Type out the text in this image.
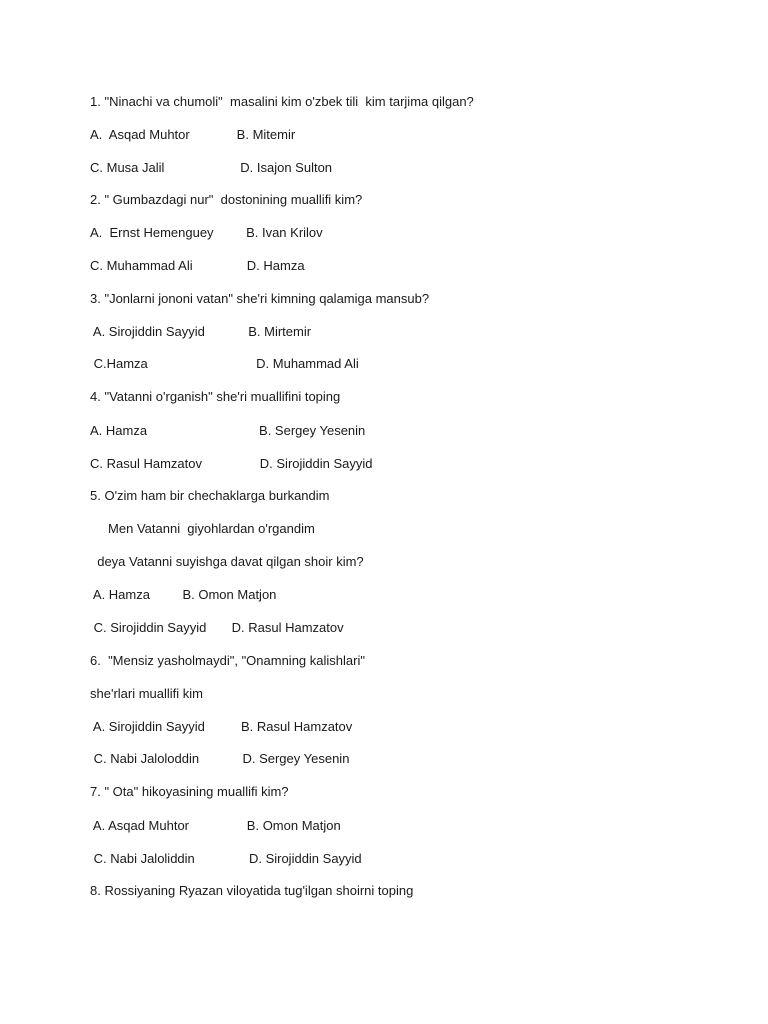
1. "Ninachi va chumoli"  masalini kim o'zbek tili  kim tarjima qilgan?
A.  Asqad Muhtor             B. Mitemir
C. Musa Jalil                     D. Isajon Sulton
2. " Gumbazdagi nur"  dostonining muallifi kim?
A.  Ernst Hemenguey         B. Ivan Krilov
C. Muhammad Ali               D. Hamza
3. "Jonlarni jononi vatan" she'ri kimning qalamiga mansub?
A. Sirojiddin Sayyid            B. Mirtemir
C.Hamza                              D. Muhammad Ali
4. "Vatanni o'rganish" she'ri muallifini toping
A. Hamza                               B. Sergey Yesenin
C. Rasul Hamzatov                D. Sirojiddin Sayyid
5. O'zim ham bir chechaklarga burkandim
Men Vatanni  giyohlardan o'rgandim
deya Vatanni suyishga davat qilgan shoir kim?
A. Hamza         B. Omon Matjon
C. Sirojiddin Sayyid       D. Rasul Hamzatov
6.  "Mensiz yasholmaydi", "Onamning kalishlari"
she'rlari muallifi kim
A. Sirojiddin Sayyid          B. Rasul Hamzatov
C. Nabi Jaloloddin            D. Sergey Yesenin
7. " Ota" hikoyasining muallifi kim?
A. Asqad Muhtor                B. Omon Matjon
C. Nabi Jaloliddin               D. Sirojiddin Sayyid
8. Rossiyaning Ryazan viloyatida tug'ilgan shoirni toping
